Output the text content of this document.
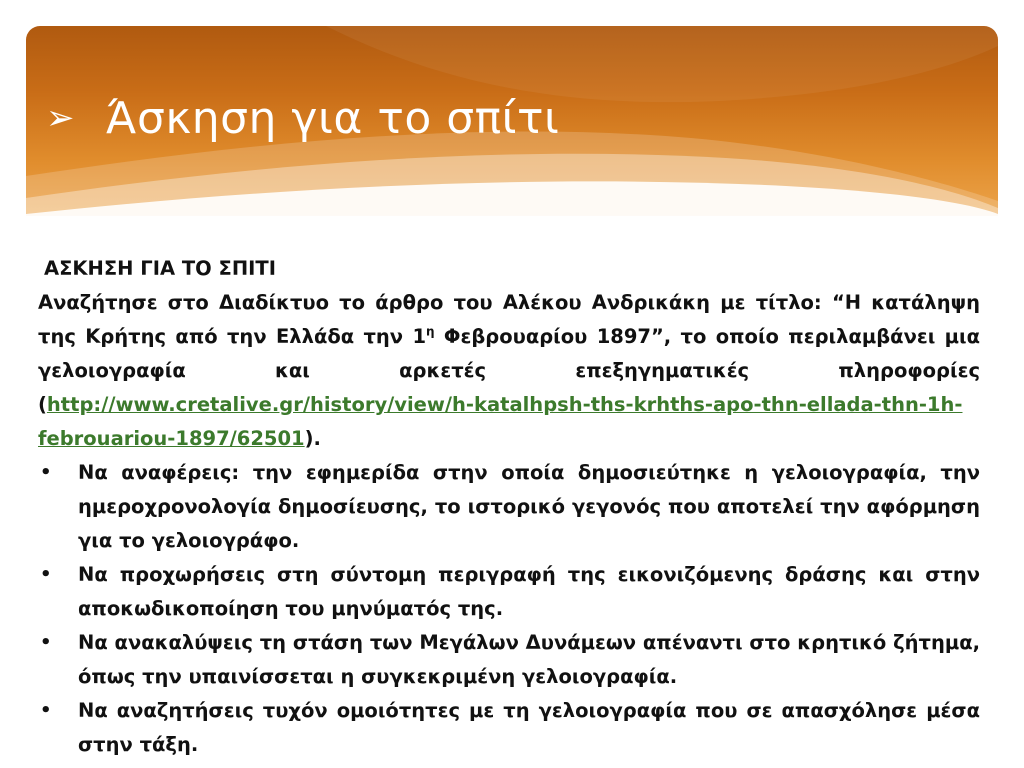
➢ Άσκηση για το σπίτι
ΑΣΚΗΣΗ ΓΙΑ ΤΟ ΣΠΙΤΙ
Αναζήτησε στο Διαδίκτυο το άρθρο του Αλέκου Ανδρικάκη με τίτλο: “Η κατάληψη της Κρήτης από την Ελλάδα την $1^\eta$ Φεβρουαρίου 1897”, το οποίο περιλαμβάνει μια γελοιογραφία και αρκετές επεξηγηματικές πληροφορίες (http://www.cretalive.gr/history/view/h-katalhpsh-ths-krhths-apo-thn-ellada-thn-1h-febrouariou-1897/62501).
•	Να αναφέρεις: την εφημερίδα στην οποία δημοσιεύτηκε η γελοιογραφία, την ημεροχρονολογία δημοσίευσης, το ιστορικό γεγονός που αποτελεί την αφόρμηση για το γελοιογράφο.
•	Να προχωρήσεις στη σύντομη περιγραφή της εικονιζόμενης δράσης και στην αποκωδικοποίηση του μηνύματός της.
•	Να ανακαλύψεις τη στάση των Μεγάλων Δυνάμεων απέναντι στο κρητικό ζήτημα, όπως την υπαινίσσεται η συγκεκριμένη γελοιογραφία.
•	Να αναζητήσεις τυχόν ομοιότητες με τη γελοιογραφία που σε απασχόλησε μέσα στην τάξη.
